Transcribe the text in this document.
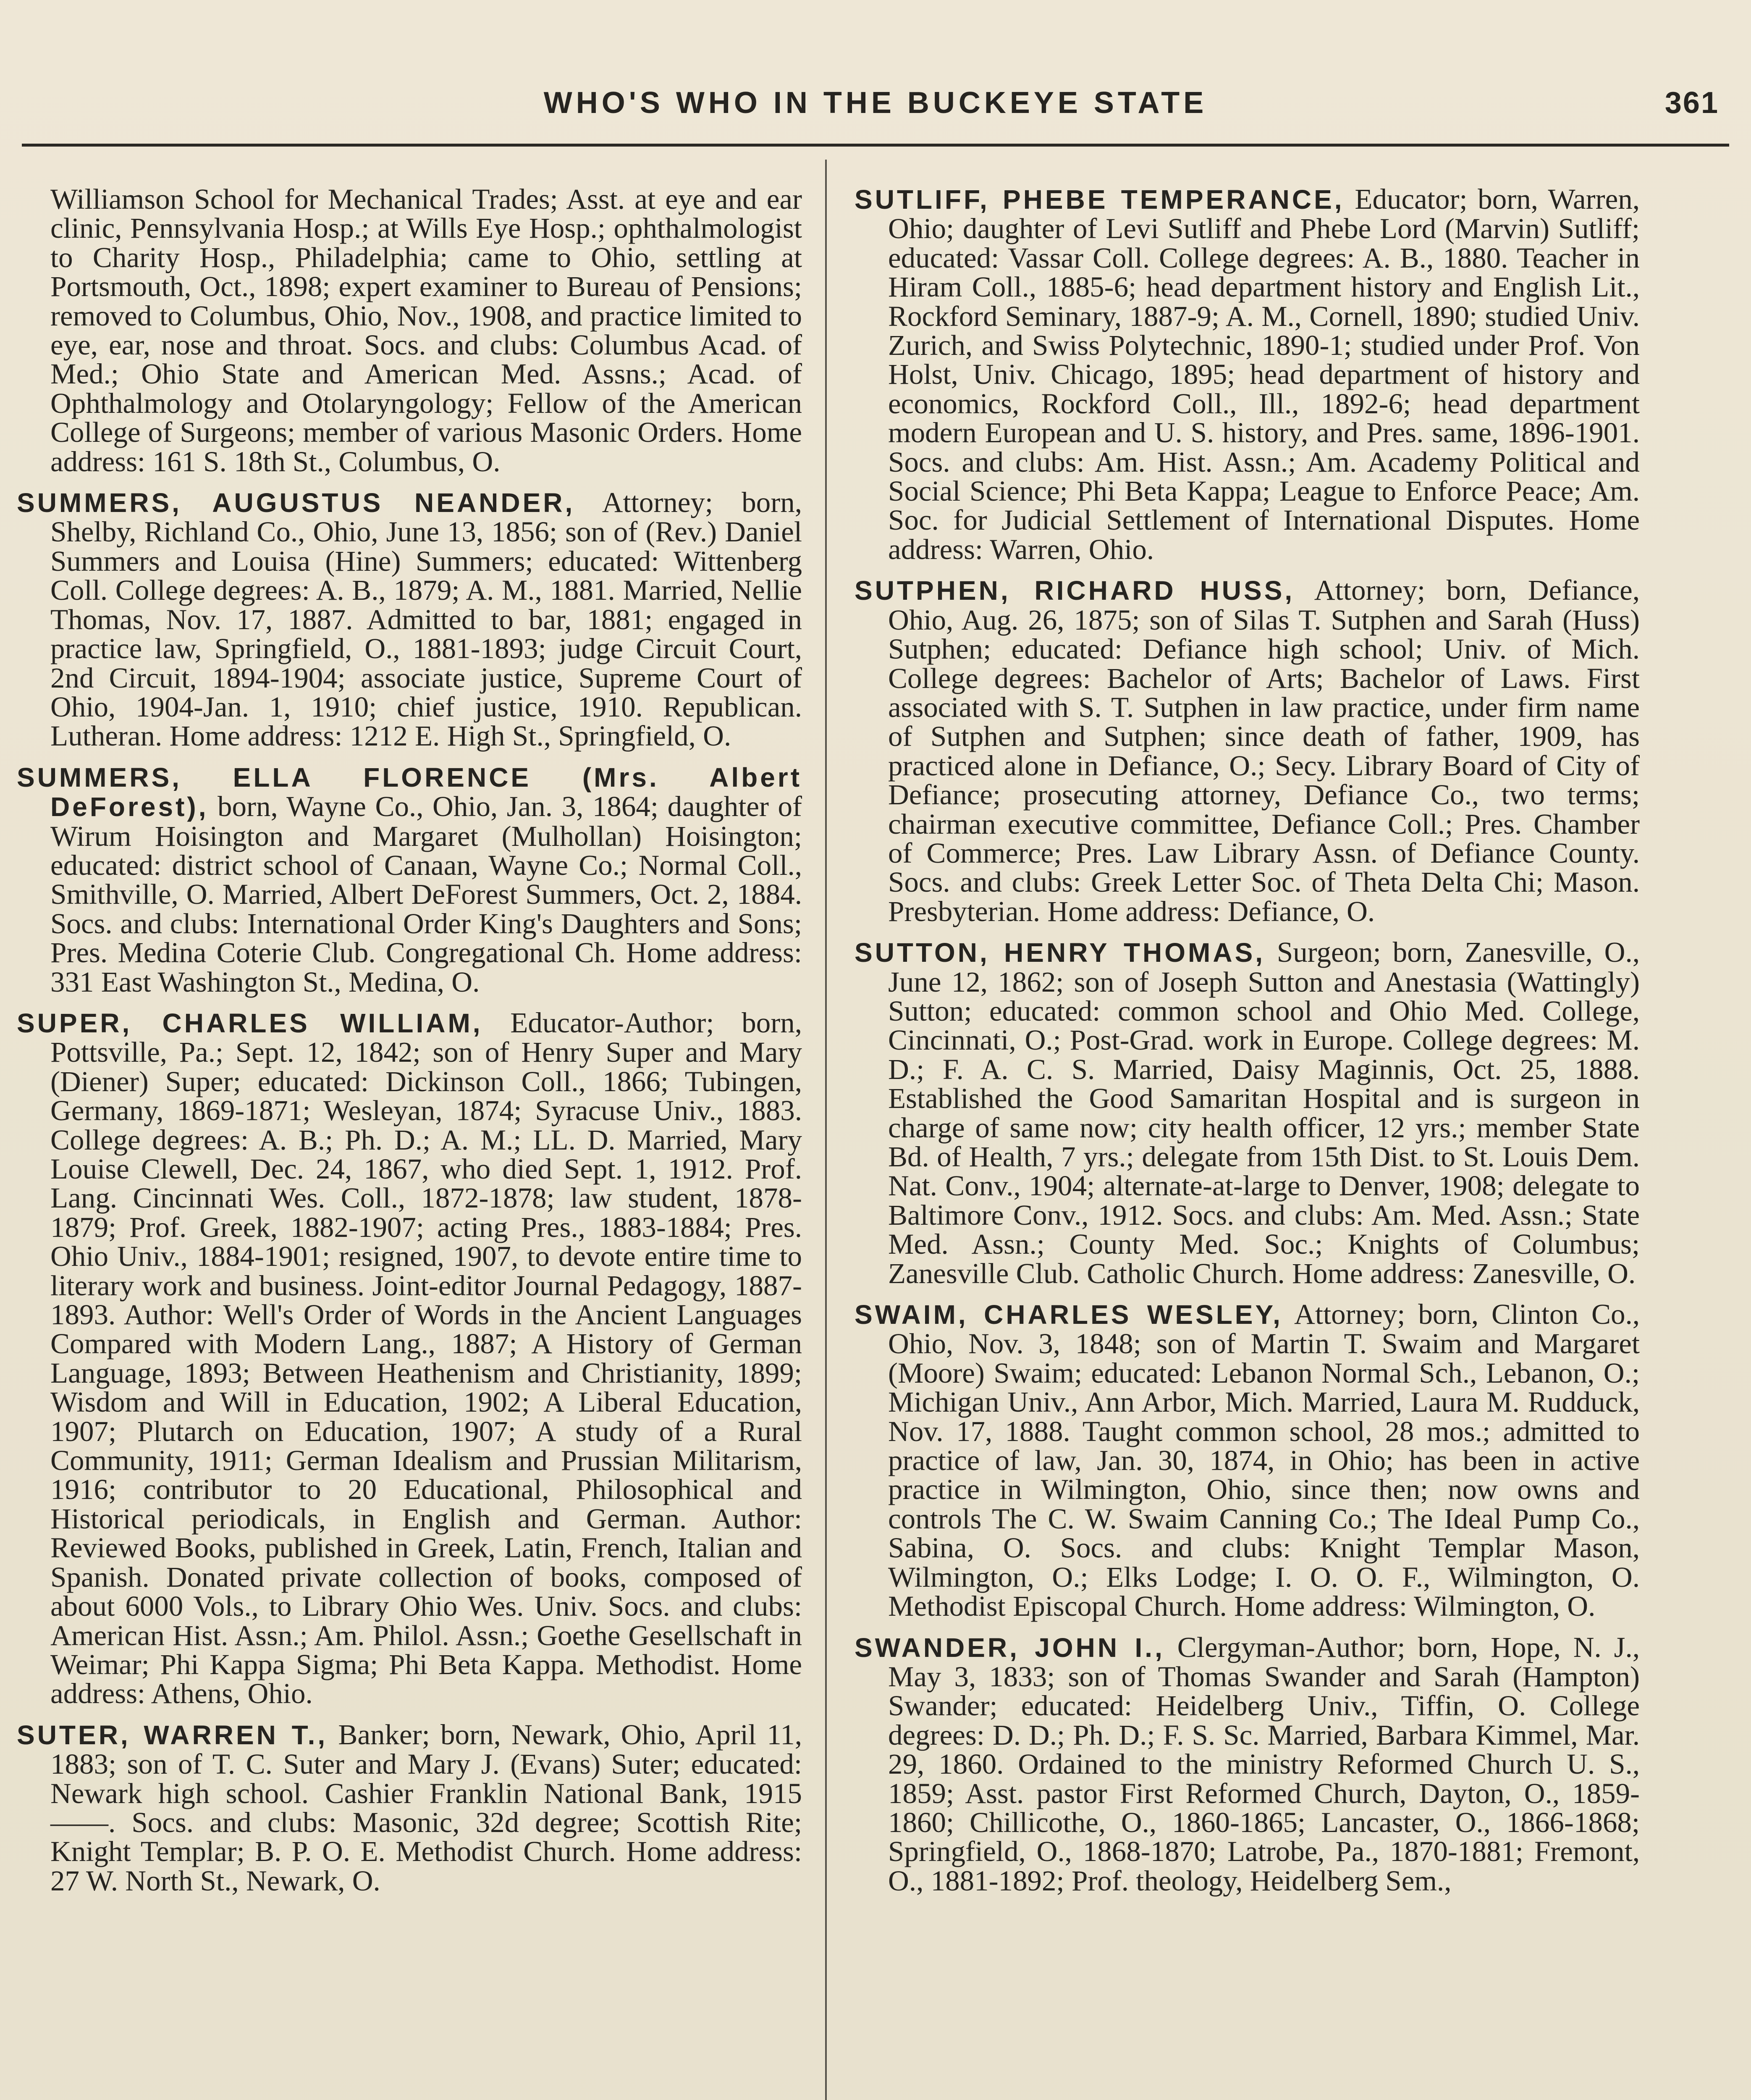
WHO'S WHO IN THE BUCKEYE STATE	361

Williamson School for Mechanical Trades; Asst. at eye and ear clinic, Pennsylvania Hosp.; at Wills Eye Hosp.; ophthalmologist to Charity Hosp., Philadelphia; came to Ohio, settling at Portsmouth, Oct., 1898; expert examiner to Bureau of Pensions; removed to Columbus, Ohio, Nov., 1908, and practice limited to eye, ear, nose and throat. Socs. and clubs: Columbus Acad. of Med.; Ohio State and American Med. Assns.; Acad. of Ophthalmology and Otolaryngology; Fellow of the American College of Surgeons; member of various Masonic Orders. Home address: 161 S. 18th St., Columbus, O.

SUMMERS, AUGUSTUS NEANDER, Attorney; born, Shelby, Richland Co., Ohio, June 13, 1856; son of (Rev.) Daniel Summers and Louisa (Hine) Summers; educated: Wittenberg Coll. College degrees: A. B., 1879; A. M., 1881. Married, Nellie Thomas, Nov. 17, 1887. Admitted to bar, 1881; engaged in practice law, Springfield, O., 1881-1893; judge Circuit Court, 2nd Circuit, 1894-1904; associate justice, Supreme Court of Ohio, 1904-Jan. 1, 1910; chief justice, 1910. Republican. Lutheran. Home address: 1212 E. High St., Springfield, O.

SUMMERS, ELLA FLORENCE (Mrs. Albert DeForest), born, Wayne Co., Ohio, Jan. 3, 1864; daughter of Wirum Hoisington and Margaret (Mulhollan) Hoisington; educated: district school of Canaan, Wayne Co.; Normal Coll., Smithville, O. Married, Albert DeForest Summers, Oct. 2, 1884. Socs. and clubs: International Order King's Daughters and Sons; Pres. Medina Coterie Club. Congregational Ch. Home address: 331 East Washington St., Medina, O.

SUPER, CHARLES WILLIAM, Educator-Author; born, Pottsville, Pa.; Sept. 12, 1842; son of Henry Super and Mary (Diener) Super; educated: Dickinson Coll., 1866; Tubingen, Germany, 1869-1871; Wesleyan, 1874; Syracuse Univ., 1883. College degrees: A. B.; Ph. D.; A. M.; LL. D. Married, Mary Louise Clewell, Dec. 24, 1867, who died Sept. 1, 1912. Prof. Lang. Cincinnati Wes. Coll., 1872-1878; law student, 1878-1879; Prof. Greek, 1882-1907; acting Pres., 1883-1884; Pres. Ohio Univ., 1884-1901; resigned, 1907, to devote entire time to literary work and business. Joint-editor Journal Pedagogy, 1887-1893. Author: Well's Order of Words in the Ancient Languages Compared with Modern Lang., 1887; A History of German Language, 1893; Between Heathenism and Christianity, 1899; Wisdom and Will in Education, 1902; A Liberal Education, 1907; Plutarch on Education, 1907; A study of a Rural Community, 1911; German Idealism and Prussian Militarism, 1916; contributor to 20 Educational, Philosophical and Historical periodicals, in English and German. Author: Reviewed Books, published in Greek, Latin, French, Italian and Spanish. Donated private collection of books, composed of about 6000 Vols., to Library Ohio Wes. Univ. Socs. and clubs: American Hist. Assn.; Am. Philol. Assn.; Goethe Gesellschaft in Weimar; Phi Kappa Sigma; Phi Beta Kappa. Methodist. Home address: Athens, Ohio.

SUTER, WARREN T., Banker; born, Newark, Ohio, April 11, 1883; son of T. C. Suter and Mary J. (Evans) Suter; educated: Newark high school. Cashier Franklin National Bank, 1915——. Socs. and clubs: Masonic, 32d degree; Scottish Rite; Knight Templar; B. P. O. E. Methodist Church. Home address: 27 W. North St., Newark, O.

SUTLIFF, PHEBE TEMPERANCE, Educator; born, Warren, Ohio; daughter of Levi Sutliff and Phebe Lord (Marvin) Sutliff; educated: Vassar Coll. College degrees: A. B., 1880. Teacher in Hiram Coll., 1885-6; head department history and English Lit., Rockford Seminary, 1887-9; A. M., Cornell, 1890; studied Univ. Zurich, and Swiss Polytechnic, 1890-1; studied under Prof. Von Holst, Univ. Chicago, 1895; head department of history and economics, Rockford Coll., Ill., 1892-6; head department modern European and U. S. history, and Pres. same, 1896-1901. Socs. and clubs: Am. Hist. Assn.; Am. Academy Political and Social Science; Phi Beta Kappa; League to Enforce Peace; Am. Soc. for Judicial Settlement of International Disputes. Home address: Warren, Ohio.

SUTPHEN, RICHARD HUSS, Attorney; born, Defiance, Ohio, Aug. 26, 1875; son of Silas T. Sutphen and Sarah (Huss) Sutphen; educated: Defiance high school; Univ. of Mich. College degrees: Bachelor of Arts; Bachelor of Laws. First associated with S. T. Sutphen in law practice, under firm name of Sutphen and Sutphen; since death of father, 1909, has practiced alone in Defiance, O.; Secy. Library Board of City of Defiance; prosecuting attorney, Defiance Co., two terms; chairman executive committee, Defiance Coll.; Pres. Chamber of Commerce; Pres. Law Library Assn. of Defiance County. Socs. and clubs: Greek Letter Soc. of Theta Delta Chi; Mason. Presbyterian. Home address: Defiance, O.

SUTTON, HENRY THOMAS, Surgeon; born, Zanesville, O., June 12, 1862; son of Joseph Sutton and Anestasia (Wattingly) Sutton; educated: common school and Ohio Med. College, Cincinnati, O.; Post-Grad. work in Europe. College degrees: M. D.; F. A. C. S. Married, Daisy Maginnis, Oct. 25, 1888. Established the Good Samaritan Hospital and is surgeon in charge of same now; city health officer, 12 yrs.; member State Bd. of Health, 7 yrs.; delegate from 15th Dist. to St. Louis Dem. Nat. Conv., 1904; alternate-at-large to Denver, 1908; delegate to Baltimore Conv., 1912. Socs. and clubs: Am. Med. Assn.; State Med. Assn.; County Med. Soc.; Knights of Columbus; Zanesville Club. Catholic Church. Home address: Zanesville, O.

SWAIM, CHARLES WESLEY, Attorney; born, Clinton Co., Ohio, Nov. 3, 1848; son of Martin T. Swaim and Margaret (Moore) Swaim; educated: Lebanon Normal Sch., Lebanon, O.; Michigan Univ., Ann Arbor, Mich. Married, Laura M. Rudduck, Nov. 17, 1888. Taught common school, 28 mos.; admitted to practice of law, Jan. 30, 1874, in Ohio; has been in active practice in Wilmington, Ohio, since then; now owns and controls The C. W. Swaim Canning Co.; The Ideal Pump Co., Sabina, O. Socs. and clubs: Knight Templar Mason, Wilmington, O.; Elks Lodge; I. O. O. F., Wilmington, O. Methodist Episcopal Church. Home address: Wilmington, O.

SWANDER, JOHN I., Clergyman-Author; born, Hope, N. J., May 3, 1833; son of Thomas Swander and Sarah (Hampton) Swander; educated: Heidelberg Univ., Tiffin, O. College degrees: D. D.; Ph. D.; F. S. Sc. Married, Barbara Kimmel, Mar. 29, 1860. Ordained to the ministry Reformed Church U. S., 1859; Asst. pastor First Reformed Church, Dayton, O., 1859-1860; Chillicothe, O., 1860-1865; Lancaster, O., 1866-1868; Springfield, O., 1868-1870; Latrobe, Pa., 1870-1881; Fremont, O., 1881-1892; Prof. theology, Heidelberg Sem.,
